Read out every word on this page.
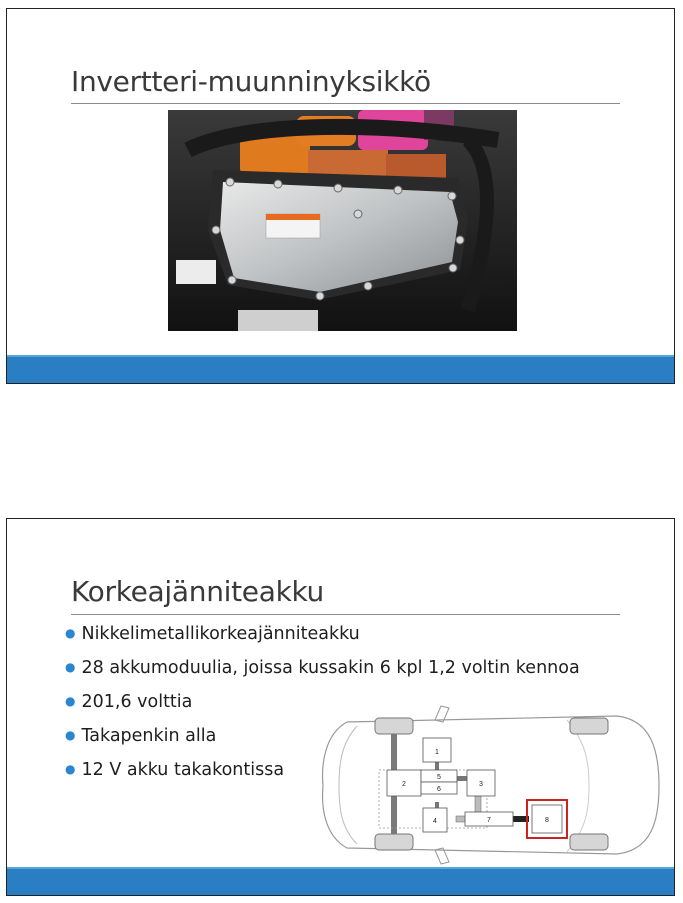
Invertteri-muunninyksikkö
Korkeajänniteakku
● Nikkelimetallikorkeajänniteakku
● 28 akkumoduulia, joissa kussakin 6 kpl 1,2 voltin kennoa
● 201,6 volttia
● Takapenkin alla
● 12 V akku takakontissa
1
2	3
4
5
6
7	8
